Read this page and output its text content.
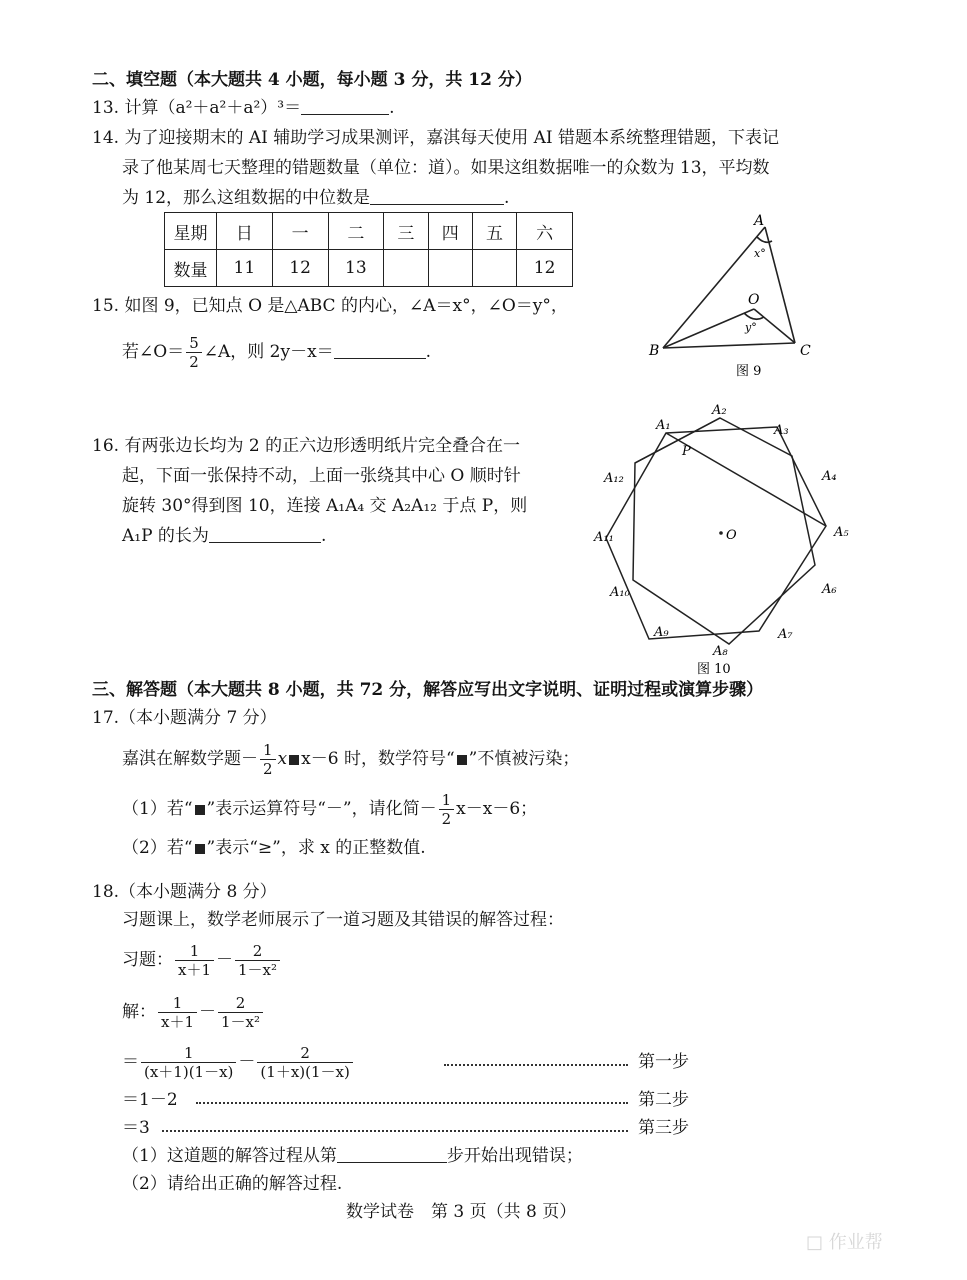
二、填空题（本大题共 4 小题，每小题 3 分，共 12 分）
13. 计算（a²＋a²＋a²）³＝	.
14. 为了迎接期末的 AI 辅助学习成果测评，嘉淇每天使用 AI 错题本系统整理错题，下表记
录了他某周七天整理的错题数量（单位：道）。如果这组数据唯一的众数为 13，平均数
为 12，那么这组数据的中位数是	.
星期	日	一	二	三	四	五	六
数量	11	12	13				12
15. 如图 9，已知点 O 是△ABC 的内心，∠A＝x°，∠O＝y°，
若∠O＝ $\frac{5}{2}$ ∠A，则 2y－x＝	.
A
B	C
O
x°
y°
图 9
16. 有两张边长均为 2 的正六边形透明纸片完全叠合在一
起，下面一张保持不动，上面一张绕其中心 O 顺时针
旋转 30°得到图 10，连接 A₁A₄ 交 A₂A₁₂ 于点 P，则
A₁P 的长为	.
A₁
A₂
A₃
A₄
A₅
A₆
A₇
A₈
A₉
A₁₀
A₁₁
A₁₂
P
O
图 10
三、解答题（本大题共 8 小题，共 72 分，解答应写出文字说明、证明过程或演算步骤）
17.（本小题满分 7 分）
嘉淇在解数学题－ $\frac{1}{2}$ x x－6 时，数学符号“ ”不慎被污染；
（1）若“ ”表示运算符号“－”，请化简－ $\frac{1}{2} x-x-6$；
（2）若“ ”表示“≥”，求 x 的正整数值.
18.（本小题满分 8 分）
习题课上，数学老师展示了一道习题及其错误的解答过程：
习题： $\frac{1}{x+1} - \frac{2}{\text{1－x²}}$
解： $\frac{1}{x+1} - \frac{2}{\text{1－x²}}$
＝ $\frac{1}{(x+1)(1-x)} - \frac{2}{(1+x)(1-x)}$	第一步
＝1－2	第二步
＝3	第三步
（1）这道题的解答过程从第	步开始出现错误；
（2）请给出正确的解答过程.
数学试卷　第 3 页（共 8 页）
□ 作业帮
